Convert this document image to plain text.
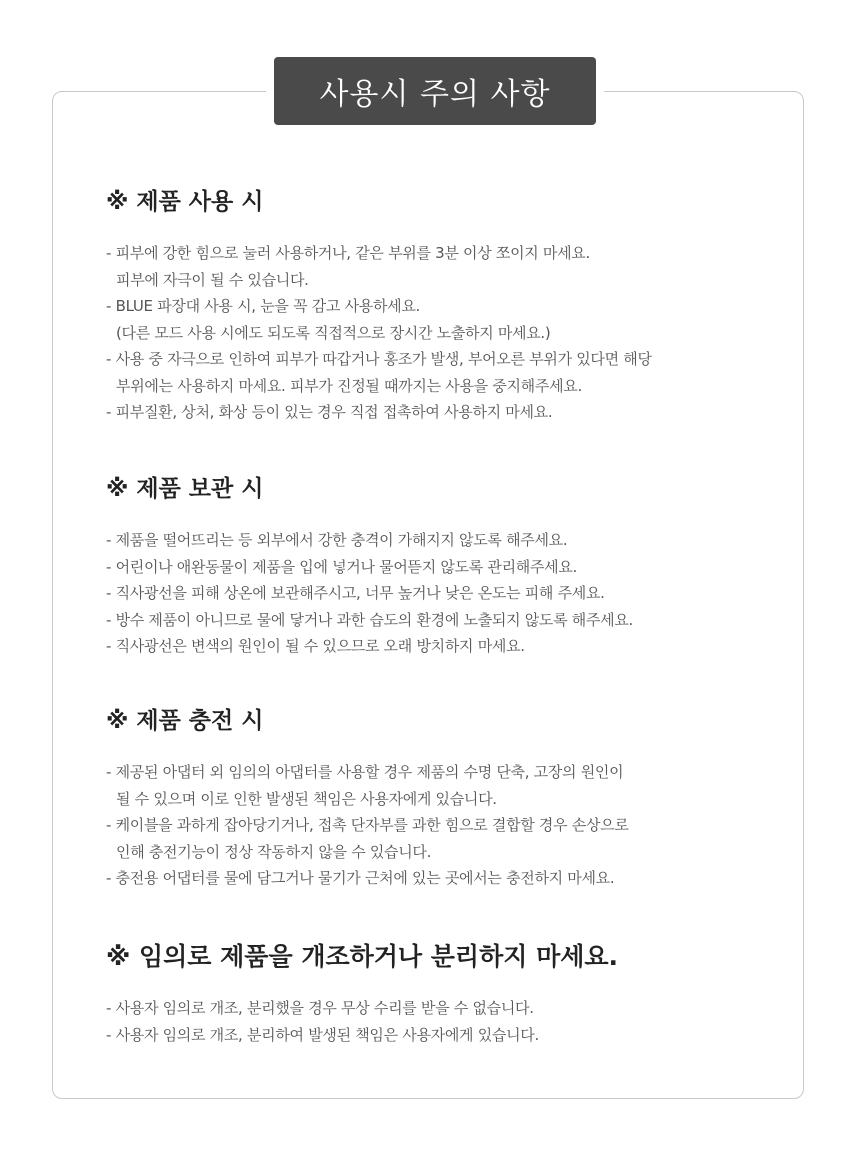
사용시 주의 사항
※ 제품 사용 시
- 피부에 강한 힘으로 눌러 사용하거나, 같은 부위를 3분 이상 쪼이지 마세요.
피부에 자극이 될 수 있습니다.
- BLUE 파장대 사용 시, 눈을 꼭 감고 사용하세요.
(다른 모드 사용 시에도 되도록 직접적으로 장시간 노출하지 마세요.)
- 사용 중 자극으로 인하여 피부가 따갑거나 홍조가 발생, 부어오른 부위가 있다면 해당
부위에는 사용하지 마세요. 피부가 진정될 때까지는 사용을 중지해주세요.
- 피부질환, 상처, 화상 등이 있는 경우 직접 접촉하여 사용하지 마세요.
※ 제품 보관 시
- 제품을 떨어뜨리는 등 외부에서 강한 충격이 가해지지 않도록 해주세요.
- 어린이나 애완동물이 제품을 입에 넣거나 물어뜯지 않도록 관리해주세요.
- 직사광선을 피해 상온에 보관해주시고, 너무 높거나 낮은 온도는 피해 주세요.
- 방수 제품이 아니므로 물에 닿거나 과한 습도의 환경에 노출되지 않도록 해주세요.
- 직사광선은 변색의 원인이 될 수 있으므로 오래 방치하지 마세요.
※ 제품 충전 시
- 제공된 아댑터 외 임의의 아댑터를 사용할 경우 제품의 수명 단축, 고장의 원인이
될 수 있으며 이로 인한 발생된 책임은 사용자에게 있습니다.
- 케이블을 과하게 잡아당기거나, 접촉 단자부를 과한 힘으로 결합할 경우 손상으로
인해 충전기능이 정상 작동하지 않을 수 있습니다.
- 충전용 어댑터를 물에 담그거나 물기가 근처에 있는 곳에서는 충전하지 마세요.
※ 임의로 제품을 개조하거나 분리하지 마세요.
- 사용자 임의로 개조, 분리했을 경우 무상 수리를 받을 수 없습니다.
- 사용자 임의로 개조, 분리하여 발생된 책임은 사용자에게 있습니다.
